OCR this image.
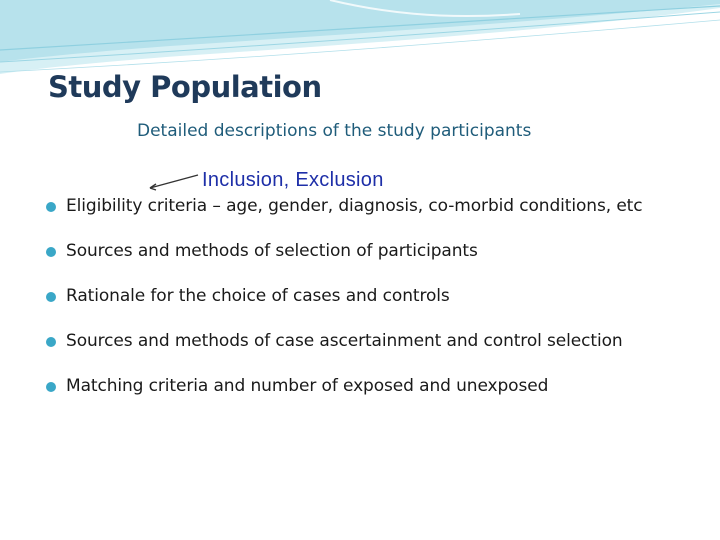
Study Population
Detailed descriptions of the study participants
Inclusion, Exclusion
Eligibility criteria – age, gender, diagnosis, co-morbid conditions, etc
Sources and methods of selection of participants
Rationale for the choice of cases and controls
Sources and methods of case ascertainment and control selection
Matching criteria and number of exposed and unexposed
